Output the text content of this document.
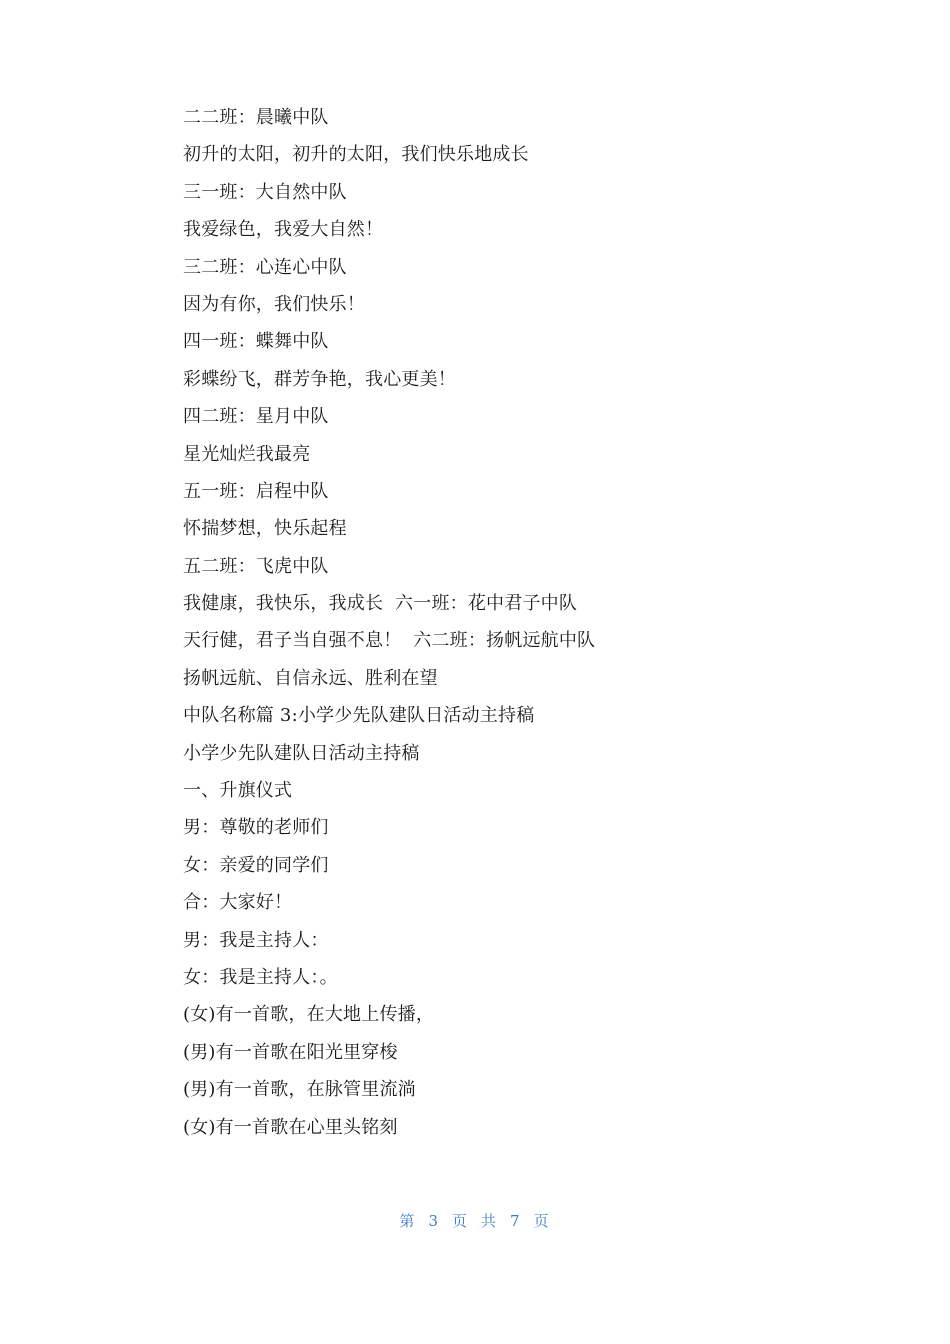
二二班：晨曦中队
初升的太阳，初升的太阳，我们快乐地成长
三一班：大自然中队
我爱绿色，我爱大自然！
三二班：心连心中队
因为有你，我们快乐！
四一班：蝶舞中队
彩蝶纷飞，群芳争艳，我心更美！
四二班：星月中队
星光灿烂我最亮
五一班：启程中队
怀揣梦想，快乐起程
五二班：飞虎中队
我健康，我快乐，我成长  六一班：花中君子中队
天行健，君子当自强不息！  六二班：扬帆远航中队
扬帆远航、自信永远、胜利在望
中队名称篇 3:小学少先队建队日活动主持稿
小学少先队建队日活动主持稿
一、升旗仪式
男：尊敬的老师们
女：亲爱的同学们
合：大家好！
男：我是主持人：
女：我是主持人：。
(女)有一首歌，在大地上传播，
(男)有一首歌在阳光里穿梭
(男)有一首歌，在脉管里流淌
(女)有一首歌在心里头铭刻
第 3 页 共 7 页
